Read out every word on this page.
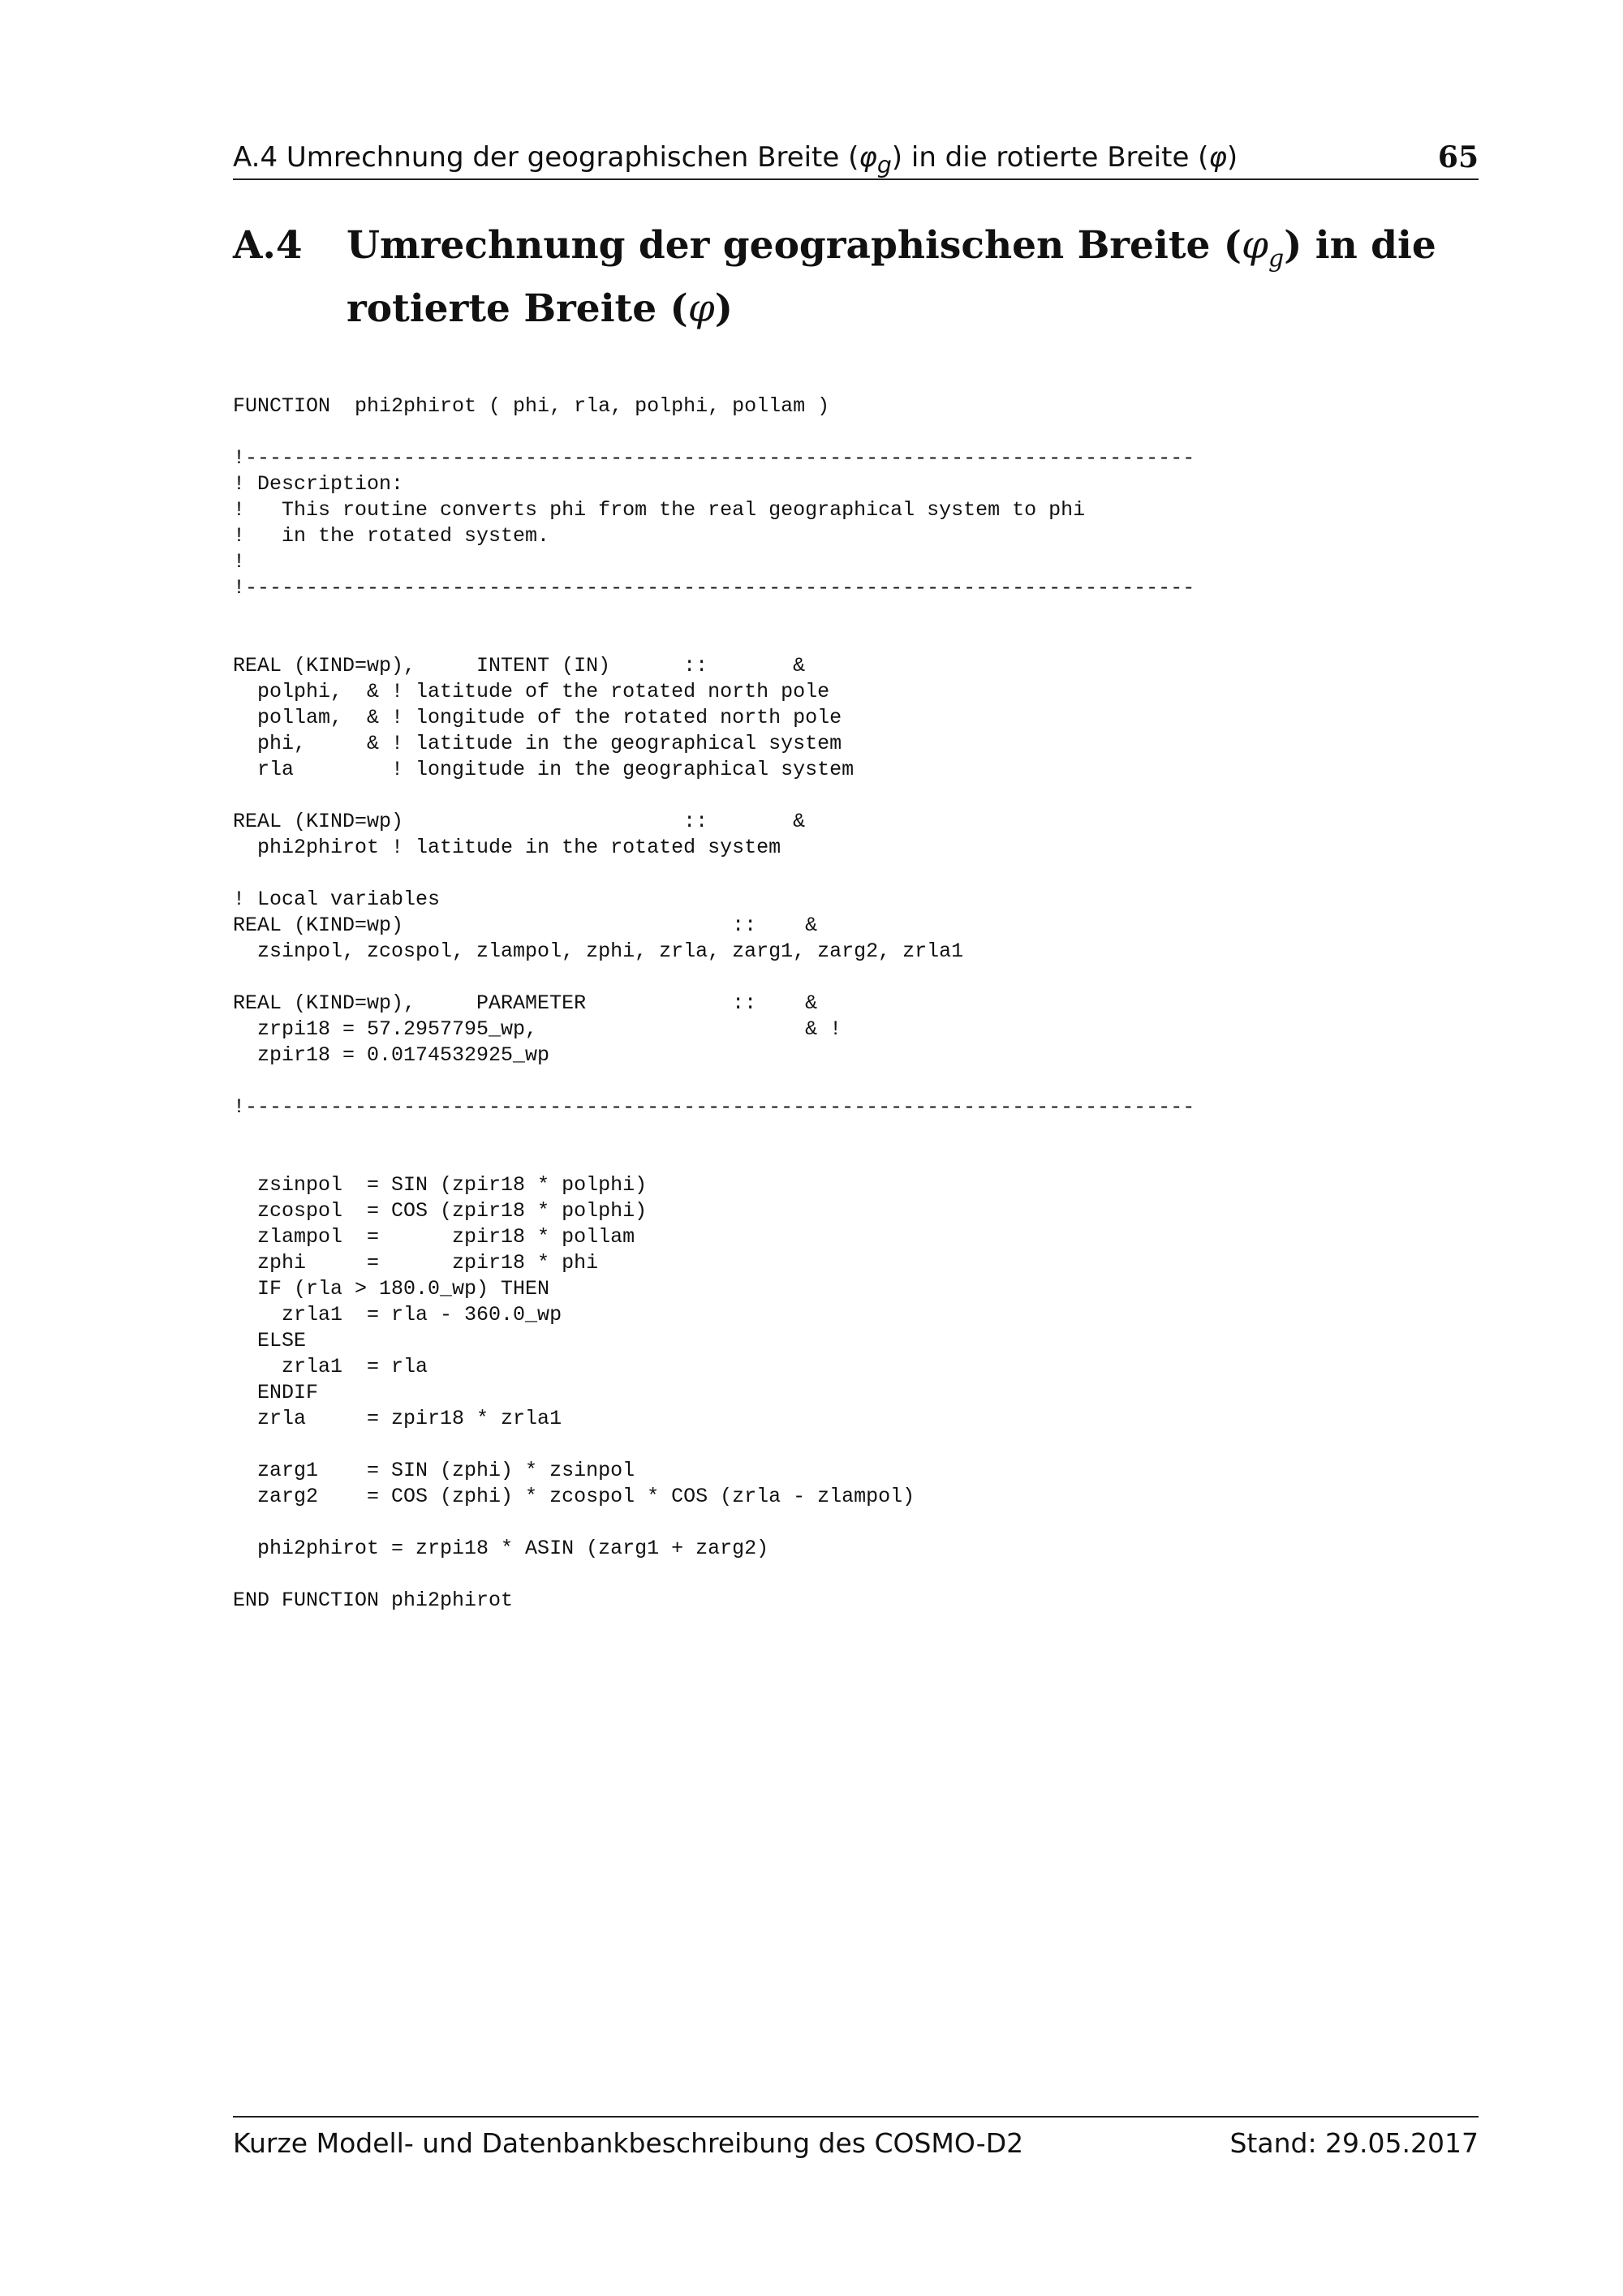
A.4 Umrechnung der geographischen Breite $(\varphi_g)$ in die rotierte Breite (φ)	65
A.4 Umrechnung der geographischen Breite $(\varphi_g)$ in die rotierte Breite (φ)
FUNCTION  phi2phirot ( phi, rla, polphi, pollam )
!------------------------------------------------------------------------------
! Description:
!   This routine converts phi from the real geographical system to phi
!   in the rotated system.
!
!------------------------------------------------------------------------------
REAL (KIND=wp),     INTENT (IN)      ::       &
polphi,  & ! latitude of the rotated north pole
pollam,  & ! longitude of the rotated north pole
phi,     & ! latitude in the geographical system
rla        ! longitude in the geographical system
REAL (KIND=wp)                       ::       &
phi2phirot ! latitude in the rotated system
! Local variables
REAL (KIND=wp)                           ::    &
zsinpol, zcospol, zlampol, zphi, zrla, zarg1, zarg2, zrla1
REAL (KIND=wp),     PARAMETER            ::    &
zrpi18 = 57.2957795_wp,                      & !
zpir18 = 0.0174532925_wp
!------------------------------------------------------------------------------
zsinpol  = SIN (zpir18 * polphi)
zcospol  = COS (zpir18 * polphi)
zlampol  =      zpir18 * pollam
zphi     =      zpir18 * phi
IF (rla > 180.0_wp) THEN
zrla1  = rla - 360.0_wp
ELSE
zrla1  = rla
ENDIF
zrla     = zpir18 * zrla1
zarg1    = SIN (zphi) * zsinpol
zarg2    = COS (zphi) * zcospol * COS (zrla - zlampol)
phi2phirot = zrpi18 * ASIN (zarg1 + zarg2)
END FUNCTION phi2phirot
Kurze Modell- und Datenbankbeschreibung des COSMO-D2	Stand: 29.05.2017
